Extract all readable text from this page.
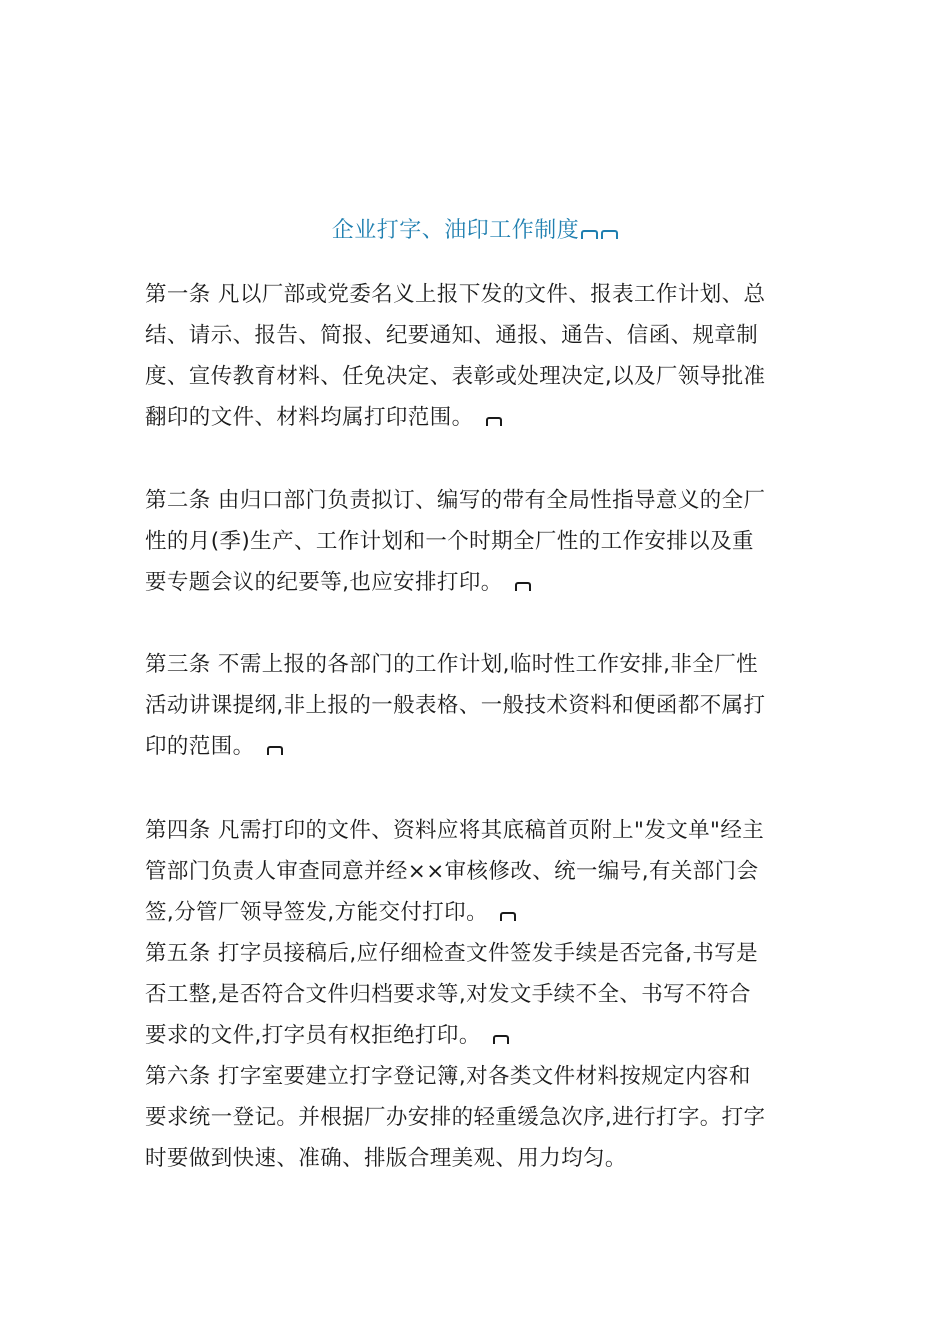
企业打字、油印工作制度
第一条 凡以厂部或党委名义上报下发的文件、报表工作计划、总
结、请示、报告、简报、纪要通知、通报、通告、信函、规章制
度、宣传教育材料、任免决定、表彰或处理决定,以及厂领导批准
翻印的文件、材料均属打印范围。
第二条 由归口部门负责拟订、编写的带有全局性指导意义的全厂
性的月(季)生产、工作计划和一个时期全厂性的工作安排以及重
要专题会议的纪要等,也应安排打印。
第三条 不需上报的各部门的工作计划,临时性工作安排,非全厂性
活动讲课提纲,非上报的一般表格、一般技术资料和便函都不属打
印的范围。
第四条 凡需打印的文件、资料应将其底稿首页附上"发文单"经主
管部门负责人审查同意并经××审核修改、统一编号,有关部门会
签,分管厂领导签发,方能交付打印。
第五条 打字员接稿后,应仔细检查文件签发手续是否完备,书写是
否工整,是否符合文件归档要求等,对发文手续不全、书写不符合
要求的文件,打字员有权拒绝打印。
第六条 打字室要建立打字登记簿,对各类文件材料按规定内容和
要求统一登记。并根据厂办安排的轻重缓急次序,进行打字。打字
时要做到快速、准确、排版合理美观、用力均匀。
